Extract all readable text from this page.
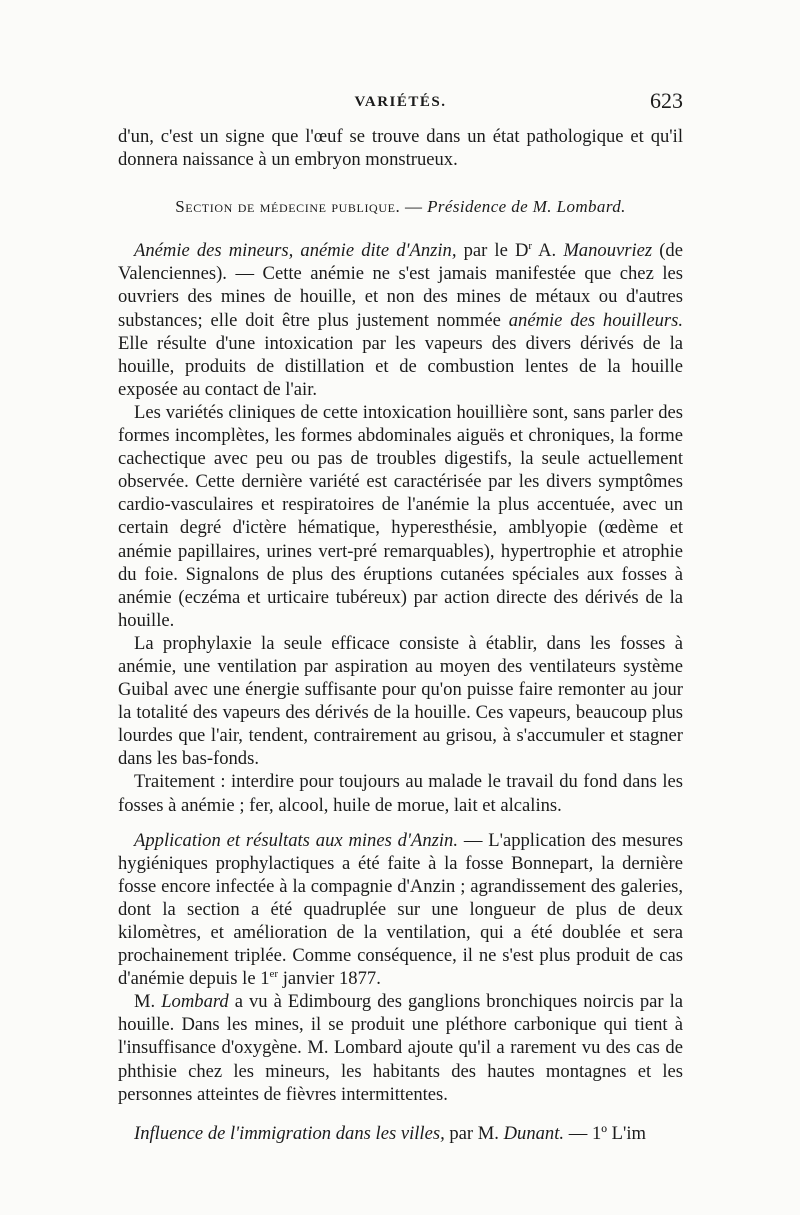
VARIÉTÉS.	623

d'un, c'est un signe que l'œuf se trouve dans un état pathologique et qu'il donnera naissance à un embryon monstrueux.

Section de médecine publique. — Présidence de M. Lombard.

Anémie des mineurs, anémie dite d'Anzin, par le $D^r$ A. Manouvriez (de Valenciennes). — Cette anémie ne s'est jamais manifestée que chez les ouvriers des mines de houille, et non des mines de métaux ou d'autres substances; elle doit être plus justement nommée anémie des houilleurs. Elle résulte d'une intoxication par les vapeurs des divers dérivés de la houille, produits de distillation et de combustion lentes de la houille exposée au contact de l'air.

Les variétés cliniques de cette intoxication houillière sont, sans parler des formes incomplètes, les formes abdominales aiguës et chroniques, la forme cachectique avec peu ou pas de troubles digestifs, la seule actuellement observée. Cette dernière variété est caractérisée par les divers symptômes cardio-vasculaires et respiratoires de l'anémie la plus accentuée, avec un certain degré d'ictère hématique, hyperesthésie, amblyopie (œdème et anémie papillaires, urines vert-pré remarquables), hypertrophie et atrophie du foie. Signalons de plus des éruptions cutanées spéciales aux fosses à anémie (eczéma et urticaire tubéreux) par action directe des dérivés de la houille.

La prophylaxie la seule efficace consiste à établir, dans les fosses à anémie, une ventilation par aspiration au moyen des ventilateurs système Guibal avec une énergie suffisante pour qu'on puisse faire remonter au jour la totalité des vapeurs des dérivés de la houille. Ces vapeurs, beaucoup plus lourdes que l'air, tendent, contrairement au grisou, à s'accumuler et stagner dans les bas-fonds.

Traitement : interdire pour toujours au malade le travail du fond dans les fosses à anémie ; fer, alcool, huile de morue, lait et alcalins.

Application et résultats aux mines d'Anzin. — L'application des mesures hygiéniques prophylactiques a été faite à la fosse Bonnepart, la dernière fosse encore infectée à la compagnie d'Anzin ; agrandissement des galeries, dont la section a été quadruplée sur une longueur de plus de deux kilomètres, et amélioration de la ventilation, qui a été doublée et sera prochainement triplée. Comme conséquence, il ne s'est plus produit de cas d'anémie depuis le 1er janvier 1877.

M. Lombard a vu à Edimbourg des ganglions bronchiques noircis par la houille. Dans les mines, il se produit une pléthore carbonique qui tient à l'insuffisance d'oxygène. M. Lombard ajoute qu'il a rarement vu des cas de phthisie chez les mineurs, les habitants des hautes montagnes et les personnes atteintes de fièvres intermittentes.

Influence de l'immigration dans les villes, par M. Dunant. — 1º L'im
